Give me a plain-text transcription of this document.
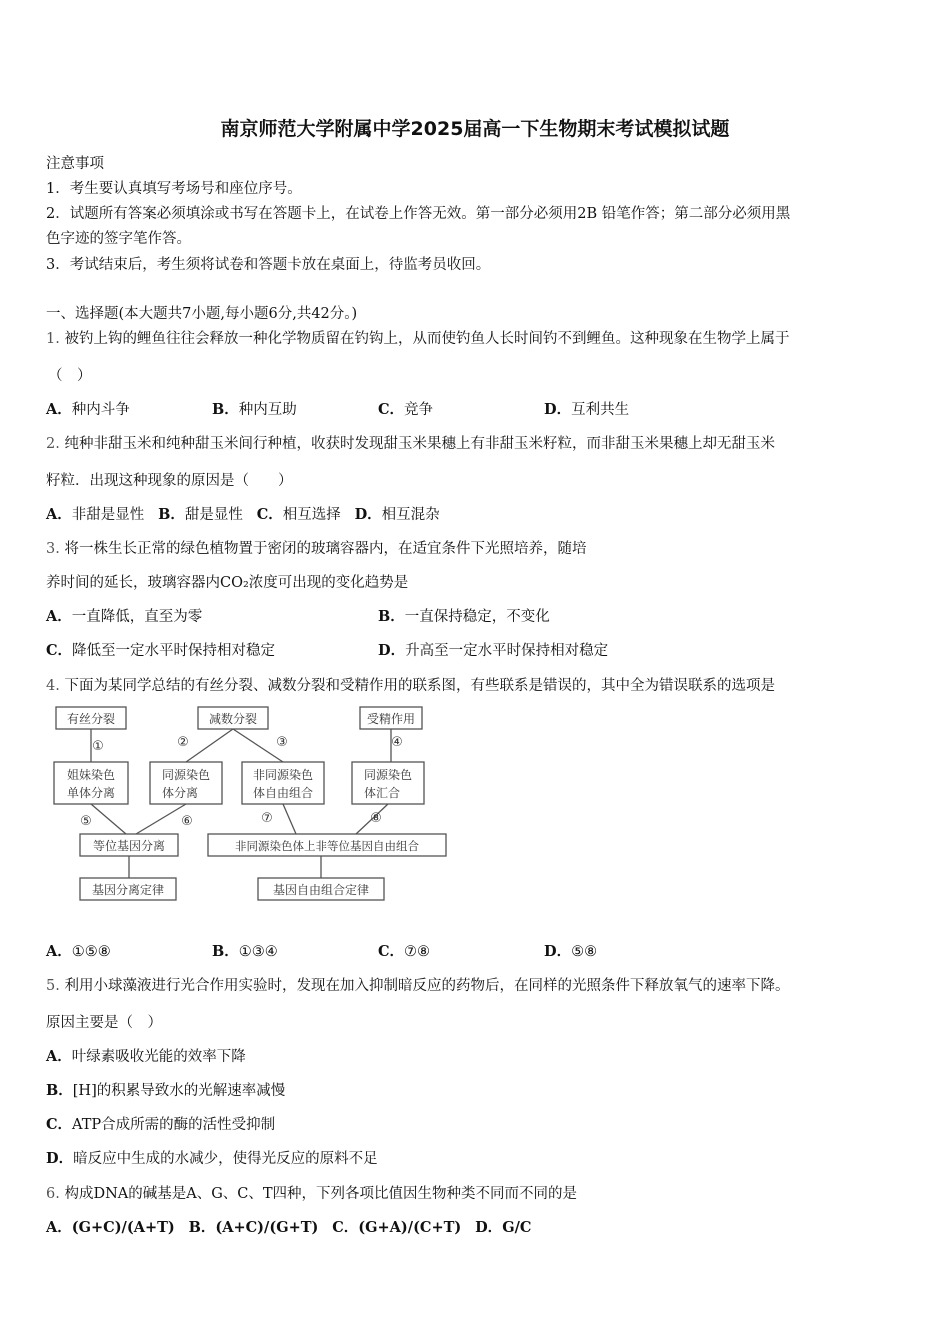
南京师范大学附属中学2025届高一下生物期末考试模拟试题
注意事项
1．考生要认真填写考场号和座位序号。
2．试题所有答案必须填涂或书写在答题卡上，在试卷上作答无效。第一部分必须用2B 铅笔作答；第二部分必须用黑
色字迹的签字笔作答。
3．考试结束后，考生须将试卷和答题卡放在桌面上，待监考员收回。
一、选择题(本大题共7小题,每小题6分,共42分。)
1. 被钓上钩的鲤鱼往往会释放一种化学物质留在钓钩上，从而使钓鱼人长时间钓不到鲤鱼。这种现象在生物学上属于
（　）
A．种内斗争	B．种内互助	C．竞争	D．互利共生
2. 纯种非甜玉米和纯种甜玉米间行种植，收获时发现甜玉米果穗上有非甜玉米籽粒，而非甜玉米果穗上却无甜玉米
籽粒．出现这种现象的原因是（　　）
A．非甜是显性 B．甜是显性 C．相互选择 D．相互混杂
3. 将一株生长正常的绿色植物置于密闭的玻璃容器内，在适宜条件下光照培养，随培
养时间的延长，玻璃容器内CO₂浓度可出现的变化趋势是
A．一直降低，直至为零	B．一直保持稳定，不变化
C．降低至一定水平时保持相对稳定	D．升高至一定水平时保持相对稳定
4. 下面为某同学总结的有丝分裂、减数分裂和受精作用的联系图，有些联系是错误的，其中全为错误联系的选项是
有丝分裂	减数分裂	受精作用
姐妹染色
单体分离
同源染色
体分离
非同源染色
体自由组合
同源染色
体汇合
等位基因分离	非同源染色体上非等位基因自由组合
基因分离定律	基因自由组合定律
①	②	③	④
⑤	⑥	⑦	⑧
A．①⑤⑧	B．①③④	C．⑦⑧	D．⑤⑧
5. 利用小球藻液进行光合作用实验时，发现在加入抑制暗反应的药物后，在同样的光照条件下释放氧气的速率下降。
原因主要是（　）
A．叶绿素吸收光能的效率下降
B．[H]的积累导致水的光解速率减慢
C．ATP合成所需的酶的活性受抑制
D．暗反应中生成的水减少，使得光反应的原料不足
6. 构成DNA的碱基是A、G、C、T四种，下列各项比值因生物种类不同而不同的是
A．(G+C)/(A+T) B．(A+C)/(G+T) C．(G+A)/(C+T) D．G/C
